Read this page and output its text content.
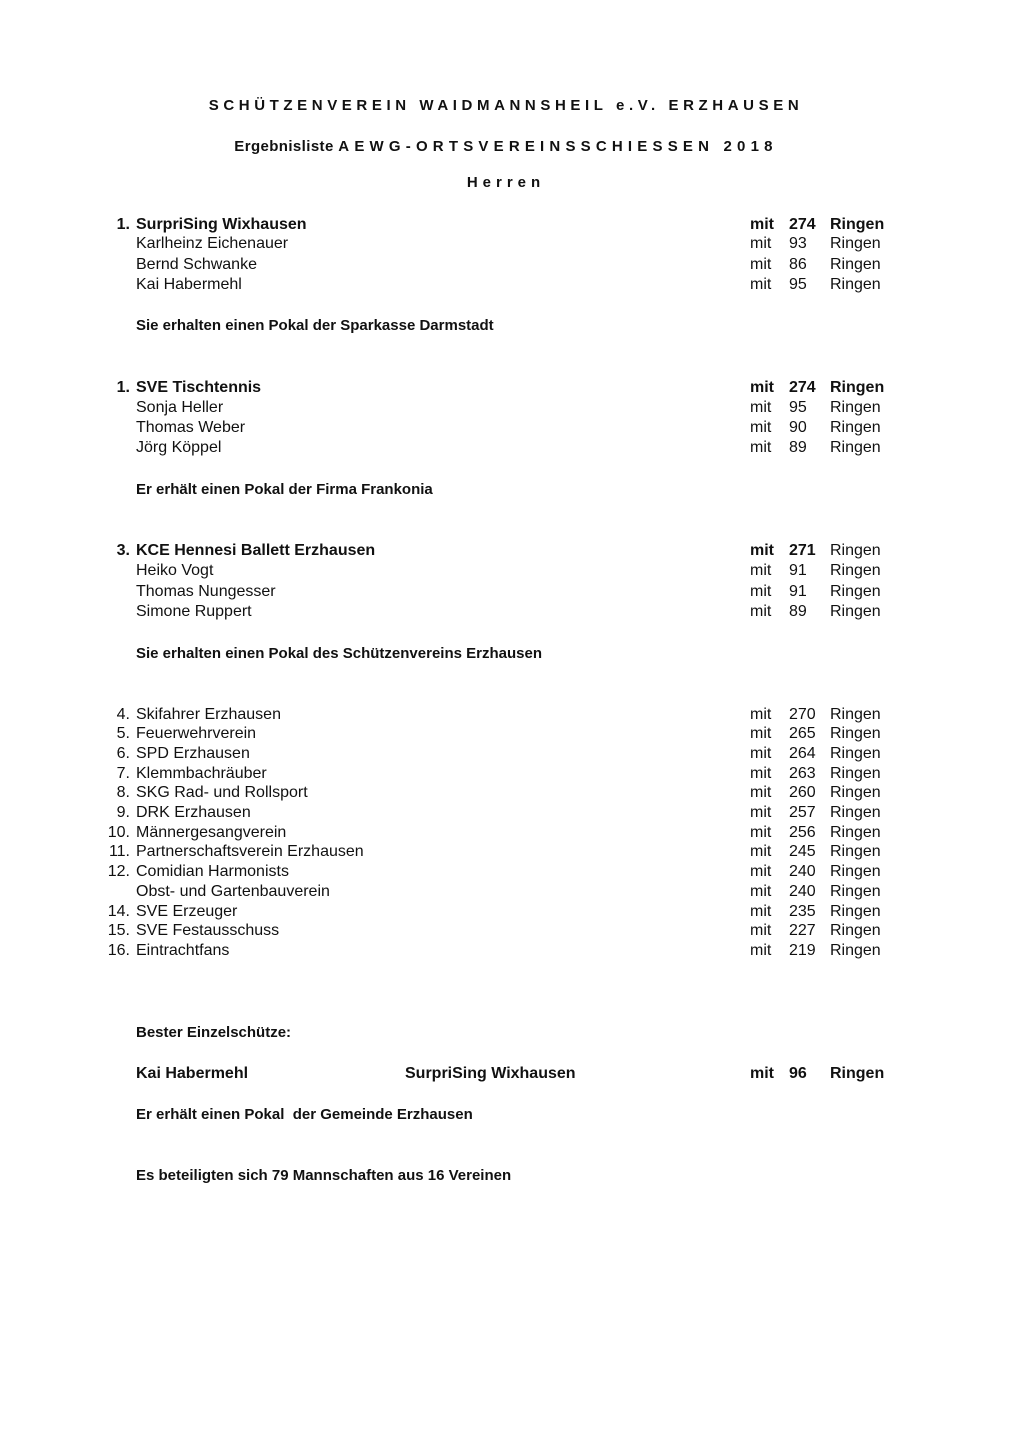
SCHÜTZENVEREIN WAIDMANNSHEIL e.V. ERZHAUSEN
Ergebnisliste AEWG-ORTSVEREINSSCHIESSEN 2018
Herren
1. SurpriSing Wixhausen	mit 274 Ringen
Karlheinz Eichenauer	mit 93 Ringen
Bernd Schwanke	mit 86 Ringen
Kai Habermehl	mit 95 Ringen
Sie erhalten einen Pokal der Sparkasse Darmstadt
1. SVE Tischtennis	mit 274 Ringen
Sonja Heller	mit 95 Ringen
Thomas Weber	mit 90 Ringen
Jörg Köppel	mit 89 Ringen
Er erhält einen Pokal der Firma Frankonia
3. KCE Hennesi Ballett Erzhausen	mit 271 Ringen
Heiko Vogt	mit 91 Ringen
Thomas Nungesser	mit 91 Ringen
Simone Ruppert	mit 89 Ringen
Sie erhalten einen Pokal des Schützenvereins Erzhausen
4. Skifahrer Erzhausen	mit 270 Ringen
5. Feuerwehrverein	mit 265 Ringen
6. SPD Erzhausen	mit 264 Ringen
7. Klemmbachräuber	mit 263 Ringen
8. SKG Rad- und Rollsport	mit 260 Ringen
9. DRK Erzhausen	mit 257 Ringen
10. Männergesangverein	mit 256 Ringen
11. Partnerschaftsverein Erzhausen	mit 245 Ringen
12. Comidian Harmonists	mit 240 Ringen
Obst- und Gartenbauverein	mit 240 Ringen
14. SVE Erzeuger	mit 235 Ringen
15. SVE Festausschuss	mit 227 Ringen
16. Eintrachtfans	mit 219 Ringen
Bester Einzelschütze:
Kai Habermehl	SurpriSing Wixhausen	mit 96 Ringen
Er erhält einen Pokal  der Gemeinde Erzhausen
Es beteiligten sich 79 Mannschaften aus 16 Vereinen
